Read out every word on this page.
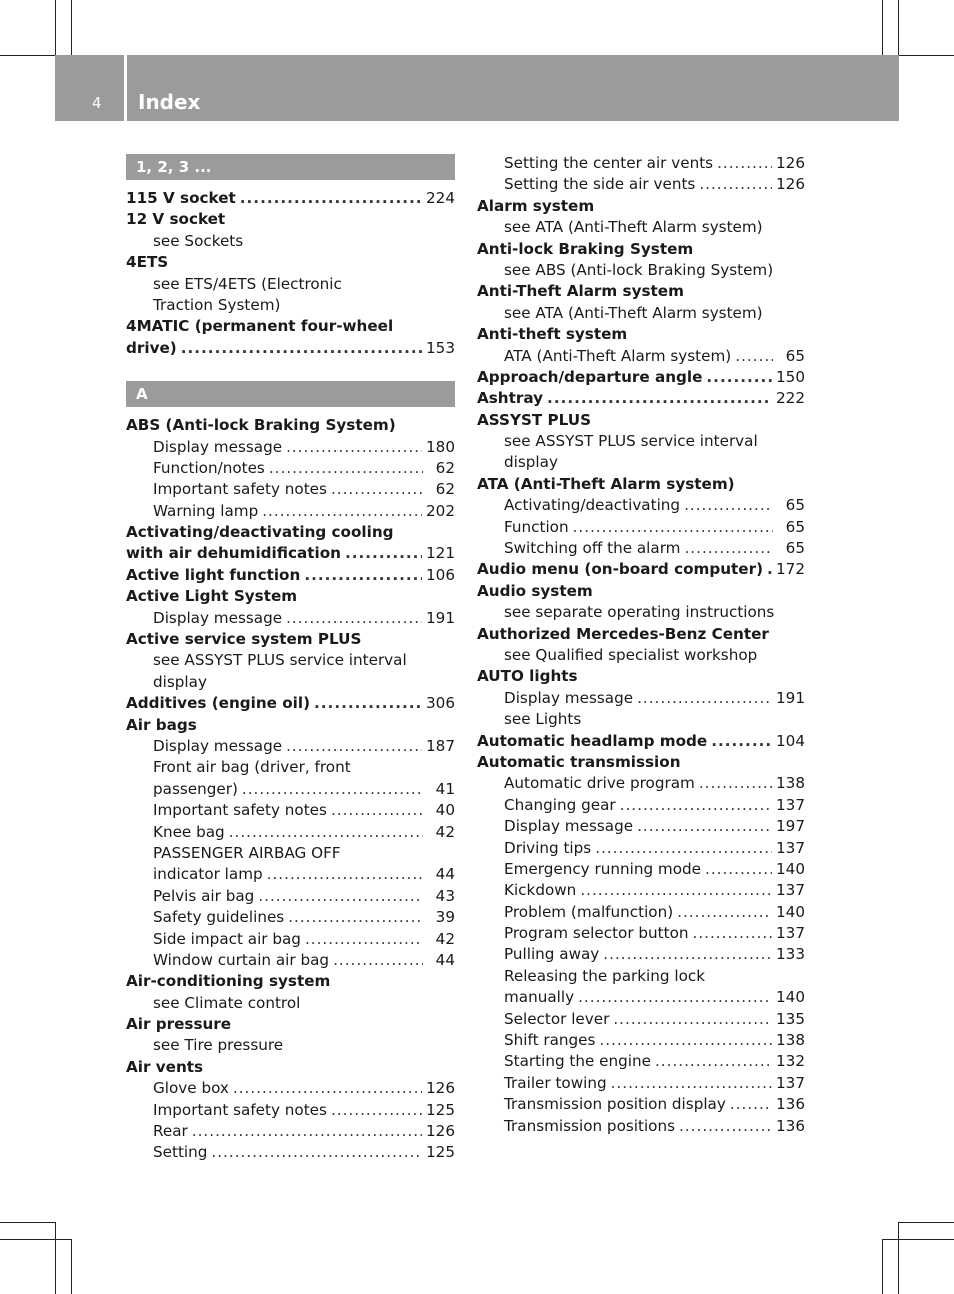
4 Index
1, 2, 3 ...
115 V socket .....	224
12 V socket
see Sockets
4ETS
see ETS/4ETS (Electronic
Traction System)
4MATIC (permanent four-wheel
drive) .....	153
A
ABS (Anti-lock Braking System)
Display message .....	180
Function/notes .....	62
Important safety notes .....	62
Warning lamp .....	202
Activating/deactivating cooling
with air dehumidification .....	121
Active light function .....	106
Active Light System
Display message .....	191
Active service system PLUS
see ASSYST PLUS service interval
display
Additives (engine oil) .....	306
Air bags
Display message .....	187
Front air bag (driver, front
passenger) .....	41
Important safety notes .....	40
Knee bag .....	42
PASSENGER AIRBAG OFF
indicator lamp .....	44
Pelvis air bag .....	43
Safety guidelines .....	39
Side impact air bag .....	42
Window curtain air bag .....	44
Air-conditioning system
see Climate control
Air pressure
see Tire pressure
Air vents
Glove box .....	126
Important safety notes .....	125
Rear .....	126
Setting .....	125
Setting the center air vents .....	126
Setting the side air vents .....	126
Alarm system
see ATA (Anti-Theft Alarm system)
Anti-lock Braking System
see ABS (Anti-lock Braking System)
Anti-Theft Alarm system
see ATA (Anti-Theft Alarm system)
Anti-theft system
ATA (Anti-Theft Alarm system) .....	65
Approach/departure angle .....	150
Ashtray .....	222
ASSYST PLUS
see ASSYST PLUS service interval
display
ATA (Anti-Theft Alarm system)
Activating/deactivating .....	65
Function .....	65
Switching off the alarm .....	65
Audio menu (on-board computer) ..... 172
Audio system
see separate operating instructions
Authorized Mercedes-Benz Center
see Qualified specialist workshop
AUTO lights
Display message .....	191
see Lights
Automatic headlamp mode .....	104
Automatic transmission
Automatic drive program .....	138
Changing gear .....	137
Display message .....	197
Driving tips .....	137
Emergency running mode .....	140
Kickdown .....	137
Problem (malfunction) .....	140
Program selector button .....	137
Pulling away .....	133
Releasing the parking lock
manually .....	140
Selector lever .....	135
Shift ranges .....	138
Starting the engine .....	132
Trailer towing .....	137
Transmission position display .....	136
Transmission positions .....	136
